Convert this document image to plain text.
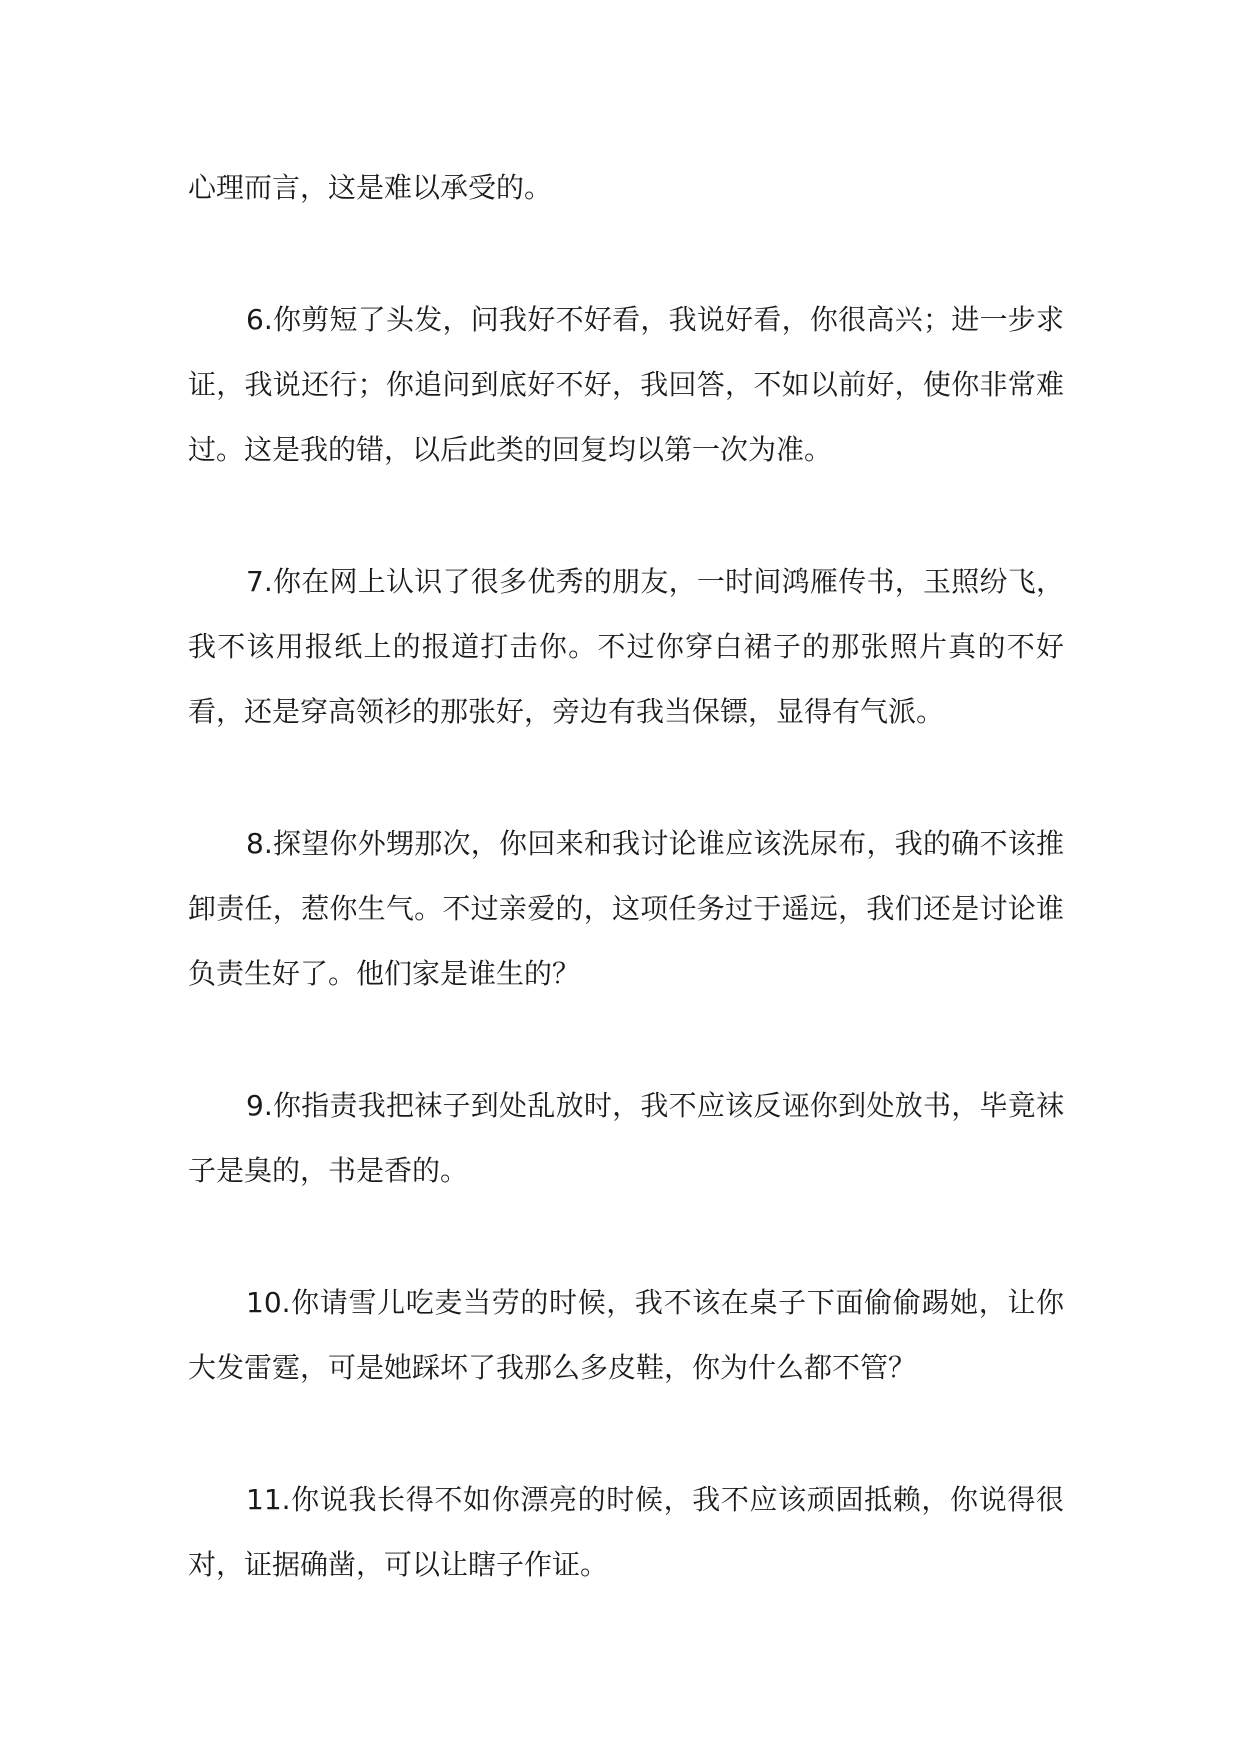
心理而言，这是难以承受的。

6.你剪短了头发，问我好不好看，我说好看，你很高兴；进一步求证，我说还行；你追问到底好不好，我回答，不如以前好，使你非常难过。这是我的错，以后此类的回复均以第一次为准。

7.你在网上认识了很多优秀的朋友，一时间鸿雁传书，玉照纷飞，我不该用报纸上的报道打击你。不过你穿白裙子的那张照片真的不好看，还是穿高领衫的那张好，旁边有我当保镖，显得有气派。

8.探望你外甥那次，你回来和我讨论谁应该洗尿布，我的确不该推卸责任，惹你生气。不过亲爱的，这项任务过于遥远，我们还是讨论谁负责生好了。他们家是谁生的？

9.你指责我把袜子到处乱放时，我不应该反诬你到处放书，毕竟袜子是臭的，书是香的。

10.你请雪儿吃麦当劳的时候，我不该在桌子下面偷偷踢她，让你大发雷霆，可是她踩坏了我那么多皮鞋，你为什么都不管？

11.你说我长得不如你漂亮的时候，我不应该顽固抵赖，你说得很对，证据确凿，可以让瞎子作证。
